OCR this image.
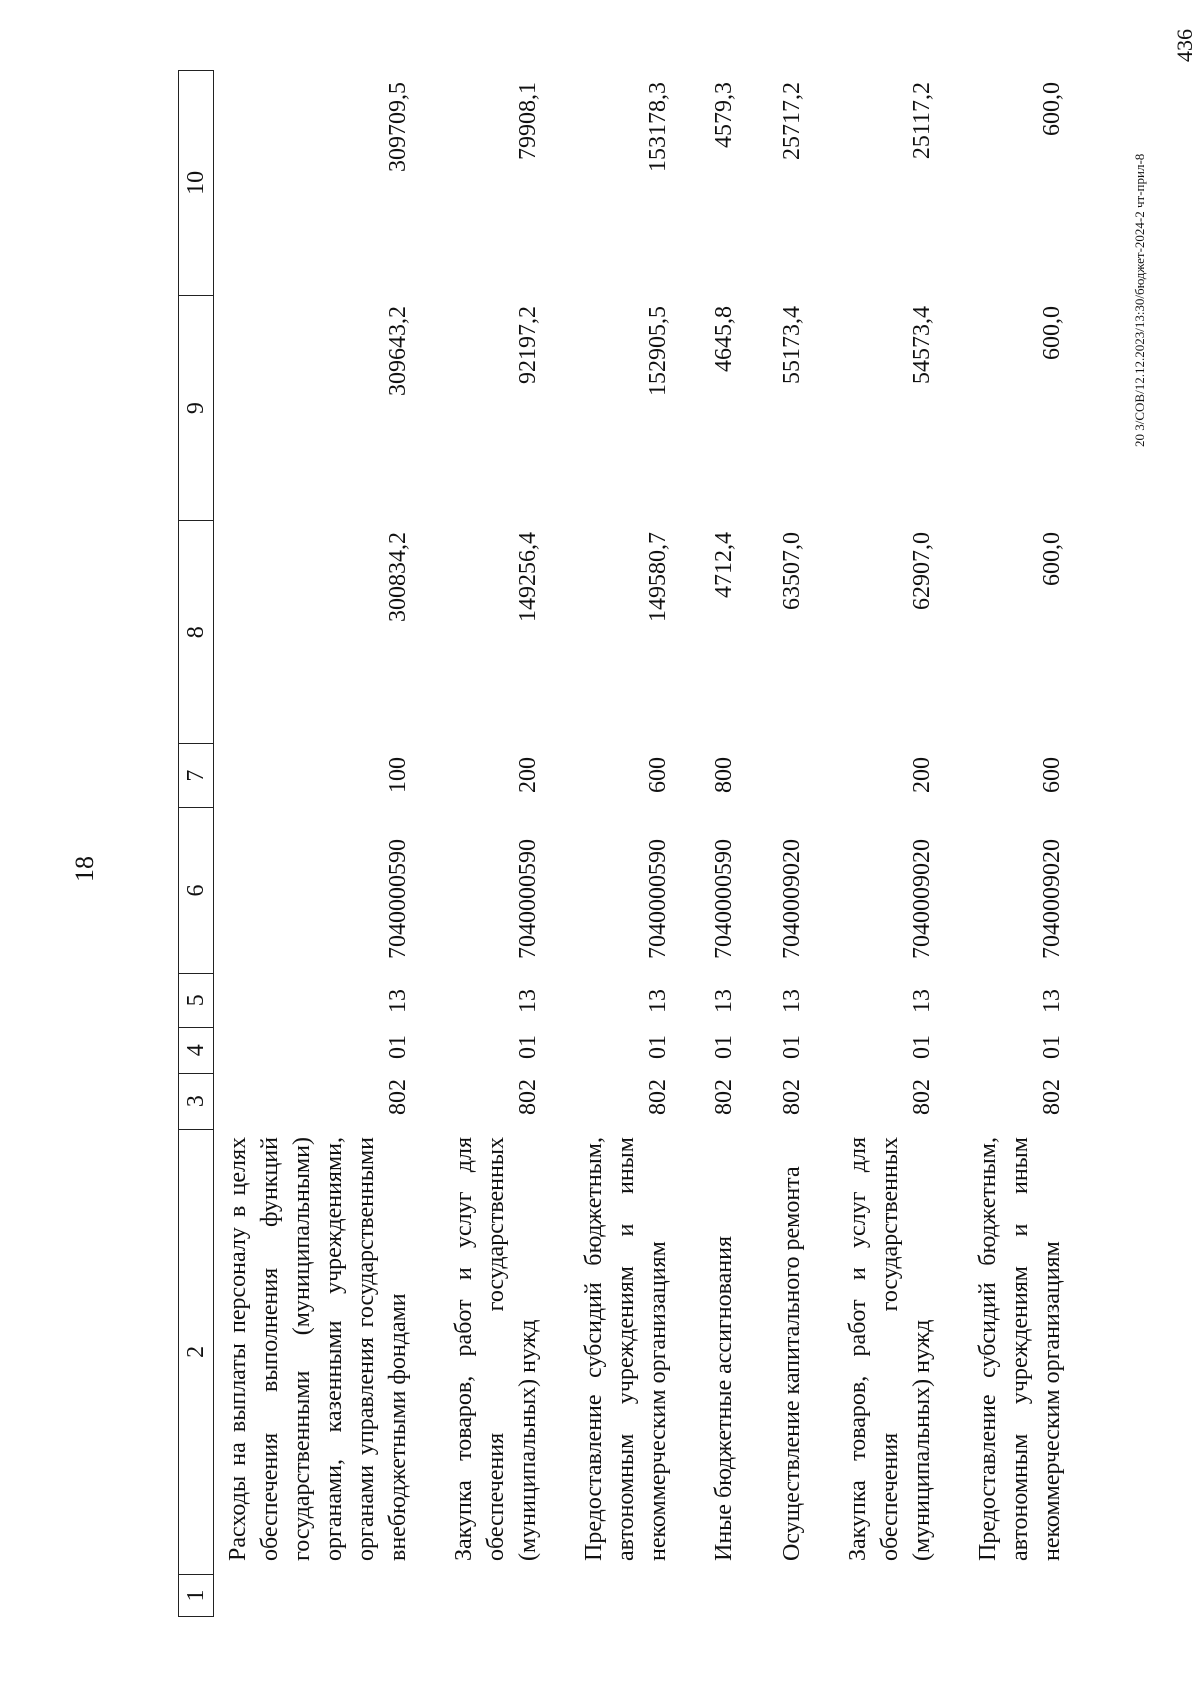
18
1
2
3
4
5
6
7
8
9
10
Расходы на выплаты персоналу в целях обеспечения выполнения функций государственными (муниципальными) органами, казенными учреждениями, органами управления государственными внебюджетными фондами
802
01
13
7040000590
100
300834,2
309643,2
309709,5
Закупка товаров, работ и услуг для обеспечения государственных (муниципальных) нужд
802
01
13
7040000590
200
149256,4
92197,2
79908,1
Предоставление субсидий бюджетным, автономным учреждениям и иным некоммерческим организациям
802
01
13
7040000590
600
149580,7
152905,5
153178,3
Иные бюджетные ассигнования
802
01
13
7040000590
800
4712,4
4645,8
4579,3
Осуществление капитального ремонта
802
01
13
7040009020
63507,0
55173,4
25717,2
Закупка товаров, работ и услуг для обеспечения государственных (муниципальных) нужд
802
01
13
7040009020
200
62907,0
54573,4
25117,2
Предоставление субсидий бюджетным, автономным учреждениям и иным некоммерческим организациям
802
01
13
7040009020
600
600,0
600,0
600,0
20 3/СОВ/12.12.2023/13:30/бюджет-2024-2 чт-прил-8
436
